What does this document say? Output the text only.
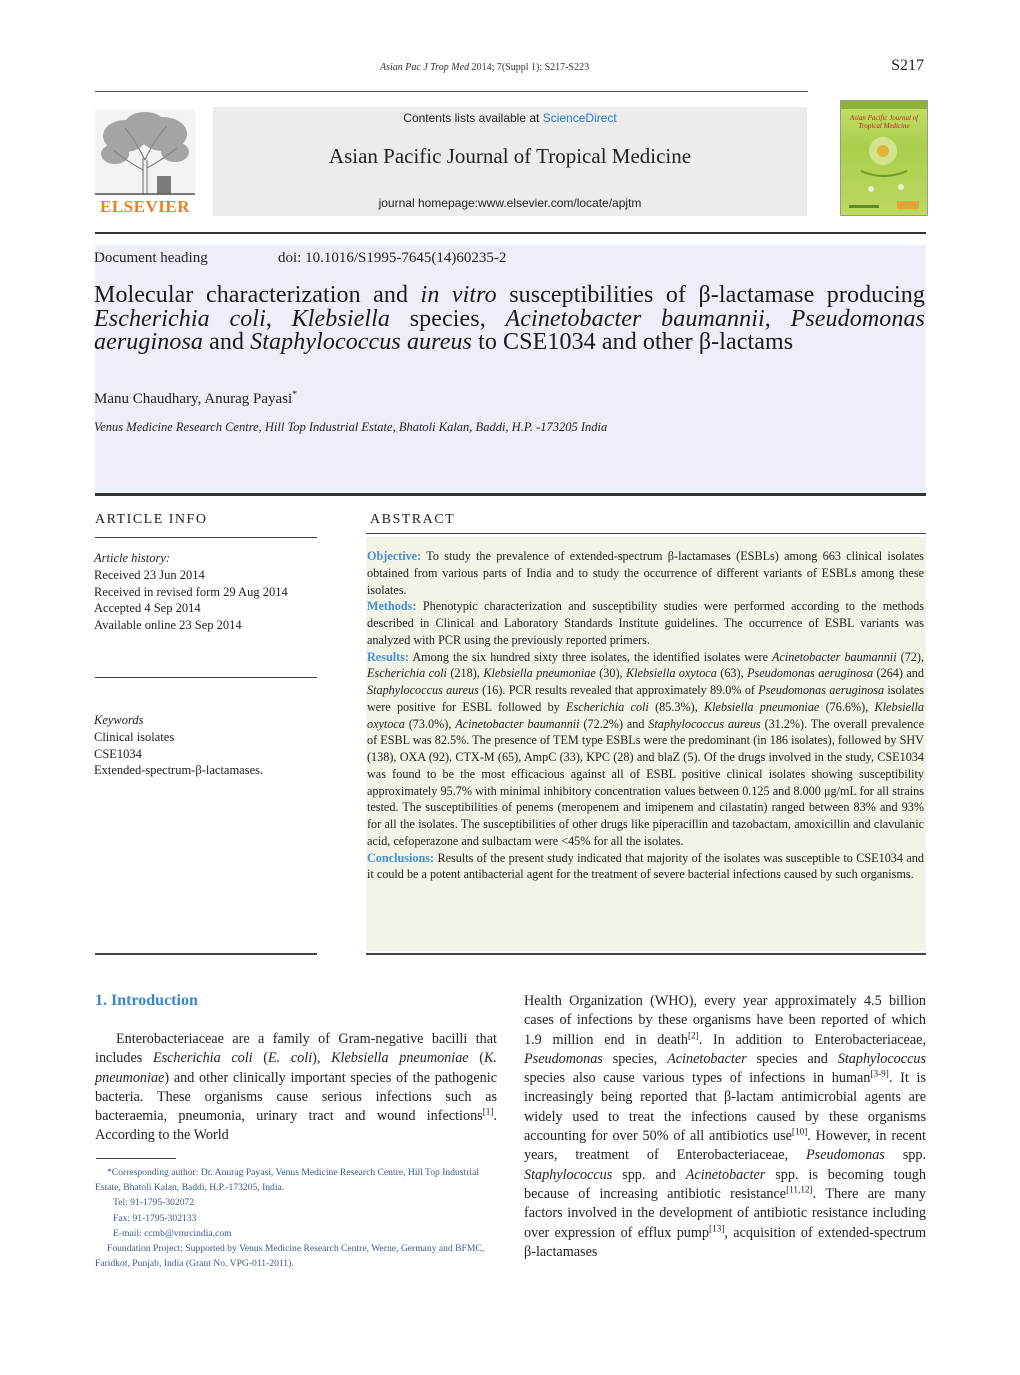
Asian Pac J Trop Med 2014; 7(Suppl 1): S217-S223	S217
ELSEVIER
Contents lists available at ScienceDirect
Asian Pacific Journal of Tropical Medicine
journal homepage:www.elsevier.com/locate/apjtm
Asian Pacific Journal of Tropical Medicine
Document heading	doi: 10.1016/S1995-7645(14)60235-2
Molecular characterization and in vitro susceptibilities of β-lactamase producing Escherichia coli, Klebsiella species, Acinetobacter baumannii, Pseudomonas aeruginosa and Staphylococcus aureus to CSE1034 and other β-lactams
Manu Chaudhary, Anurag Payasi*
Venus Medicine Research Centre, Hill Top Industrial Estate, Bhatoli Kalan, Baddi, H.P. -173205 India
ARTICLE INFO
Article history:
Received 23 Jun 2014
Received in revised form 29 Aug 2014
Accepted 4 Sep 2014
Available online 23 Sep 2014
Keywords
Clinical isolates
CSE1034
Extended-spectrum-β-lactamases.
ABSTRACT

Objective: To study the prevalence of extended-spectrum β-lactamases (ESBLs) among 663 clinical isolates obtained from various parts of India and to study the occurrence of different variants of ESBLs among these isolates.

Methods: Phenotypic characterization and susceptibility studies were performed according to the methods described in Clinical and Laboratory Standards Institute guidelines. The occurrence of ESBL variants was analyzed with PCR using the previously reported primers.

Results: Among the six hundred sixty three isolates, the identified isolates were Acinetobacter baumannii (72), Escherichia coli (218), Klebsiella pneumoniae (30), Klebsiella oxytoca (63), Pseudomonas aeruginosa (264) and Staphylococcus aureus (16). PCR results revealed that approximately 89.0% of Pseudomonas aeruginosa isolates were positive for ESBL followed by Escherichia coli (85.3%), Klebsiella pneumoniae (76.6%), Klebsiella oxytoca (73.0%), Acinetobacter baumannii (72.2%) and Staphylococcus aureus (31.2%). The overall prevalence of ESBL was 82.5%. The presence of TEM type ESBLs were the predominant (in 186 isolates), followed by SHV (138), OXA (92), CTX-M (65), AmpC (33), KPC (28) and blaZ (5). Of the drugs involved in the study, CSE1034 was found to be the most efficacious against all of ESBL positive clinical isolates showing susceptibility approximately 95.7% with minimal inhibitory concentration values between 0.125 and 8.000 μg/mL for all strains tested. The susceptibilities of penems (meropenem and imipenem and cilastatin) ranged between 83% and 93% for all the isolates. The susceptibilities of other drugs like piperacillin and tazobactam, amoxicillin and clavulanic acid, cefoperazone and sulbactam were <45% for all the isolates.

Conclusions: Results of the present study indicated that majority of the isolates was susceptible to CSE1034 and it could be a potent antibacterial agent for the treatment of severe bacterial infections caused by such organisms.

1. Introduction

Enterobacteriaceae are a family of Gram-negative bacilli that includes Escherichia coli (E. coli), Klebsiella pneumoniae (K. pneumoniae) and other clinically important species of the pathogenic bacteria. These organisms cause serious infections such as bacteraemia, pneumonia, urinary tract and wound infections[1]. According to the World

Health Organization (WHO), every year approximately 4.5 billion cases of infections by these organisms have been reported of which 1.9 million end in death[2]. In addition to Enterobacteriaceae, Pseudomonas species, Acinetobacter species and Staphylococcus species also cause various types of infections in human[3-9]. It is increasingly being reported that β-lactam antimicrobial agents are widely used to treat the infections caused by these organisms accounting for over 50% of all antibiotics use[10]. However, in recent years, treatment of Enterobacteriaceae, Pseudomonas spp. Staphylococcus spp. and Acinetobacter spp. is becoming tough because of increasing antibiotic resistance[11,12]. There are many factors involved in the development of antibiotic resistance including over expression of efflux pump[13], acquisition of extended-spectrum β-lactamases

*Corresponding author: Dr. Anurag Payasi, Venus Medicine Research Centre, Hill Top Industrial Estate, Bhatoli Kalan, Baddi, H.P.-173205, India.

Tel: 91-1795-302072

Fax: 91-1795-302133

E-mail: ccmb@vmrcindia.com

Foundation Project: Supported by Venus Medicine Research Centre, Werne, Germany and BFMC, Faridkot, Punjab, India (Grant No. VPG-011-2011).
